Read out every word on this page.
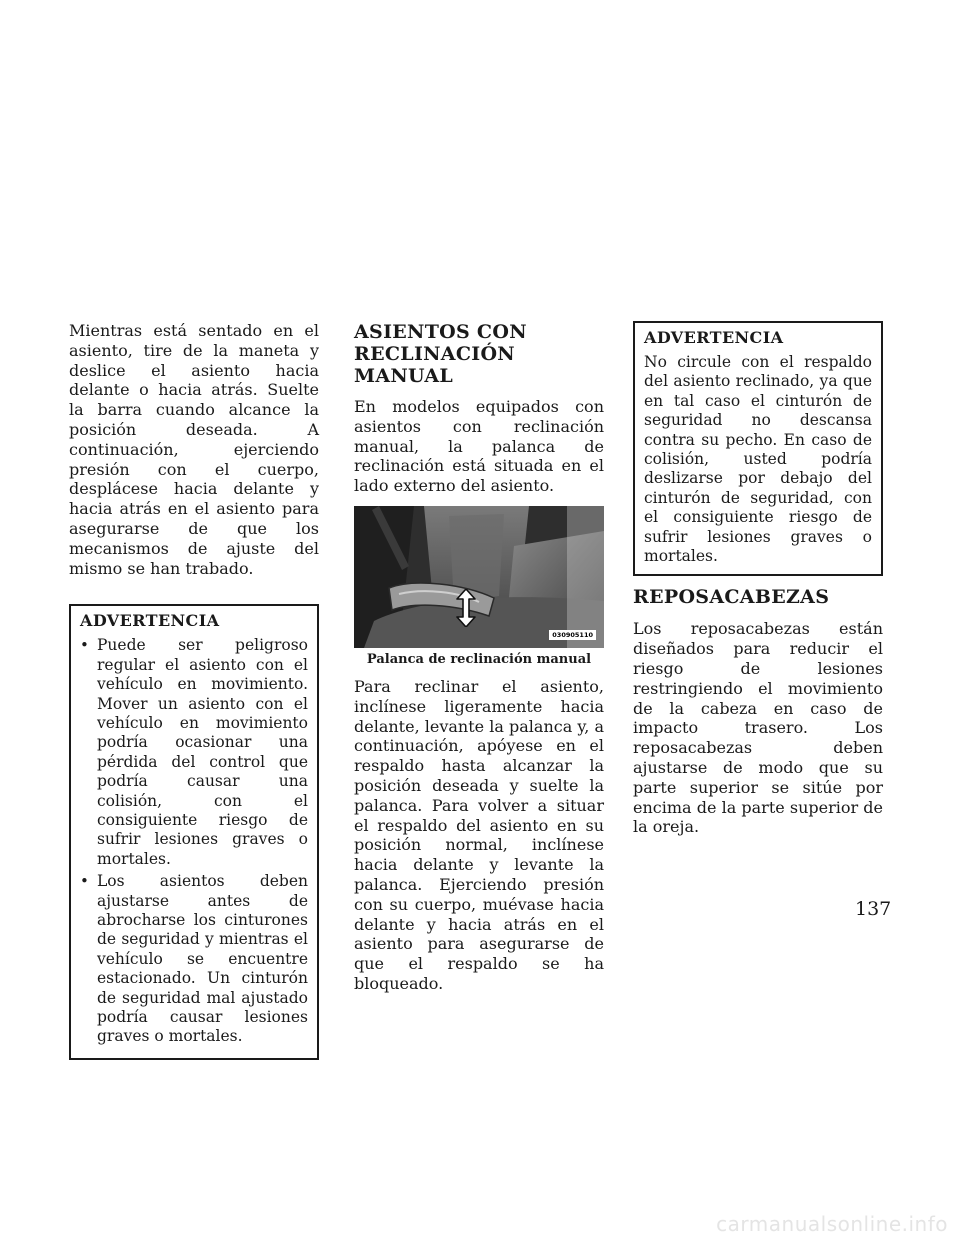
Mientras está sentado en el asiento, tire de la maneta y deslice el asiento hacia delante o hacia atrás. Suelte la barra cuando alcance la posición deseada. A continuación, ejerciendo presión con el cuerpo, desplácese hacia delante y hacia atrás en el asiento para asegurarse de que los mecanismos de ajuste del mismo se han trabado.

ADVERTENCIA

• Puede ser peligroso regular el asiento con el vehículo en movimiento. Mover un asiento con el vehículo en movimiento podría ocasionar una pérdida del control que podría causar una colisión, con el consiguiente riesgo de sufrir lesiones graves o mortales.
• Los asientos deben ajustarse antes de abrocharse los cinturones de seguridad y mientras el vehículo se encuentre estacionado. Un cinturón de seguridad mal ajustado podría causar lesiones graves o mortales.
ASIENTOS CON
RECLINACIÓN MANUAL

En modelos equipados con asientos con reclinación manual, la palanca de reclinación está situada en el lado externo del asiento.

030905110

Palanca de reclinación manual

Para reclinar el asiento, inclínese ligeramente hacia delante, levante la palanca y, a continuación, apóyese en el respaldo hasta alcanzar la posición deseada y suelte la palanca. Para volver a situar el respaldo del asiento en su posición normal, inclínese hacia delante y levante la palanca. Ejerciendo presión con su cuerpo, muévase hacia delante y hacia atrás en el asiento para asegurarse de que el respaldo se ha bloqueado.

ADVERTENCIA

No circule con el respaldo del asiento reclinado, ya que en tal caso el cinturón de seguridad no descansa contra su pecho. En caso de colisión, usted podría deslizarse por debajo del cinturón de seguridad, con el consiguiente riesgo de sufrir lesiones graves o mortales.

REPOSACABEZAS

Los reposacabezas están diseñados para reducir el riesgo de lesiones restringiendo el movimiento de la cabeza en caso de impacto trasero. Los reposacabezas deben ajustarse de modo que su parte superior se sitúe por encima de la parte superior de la oreja.

137

carmanualsonline.info
